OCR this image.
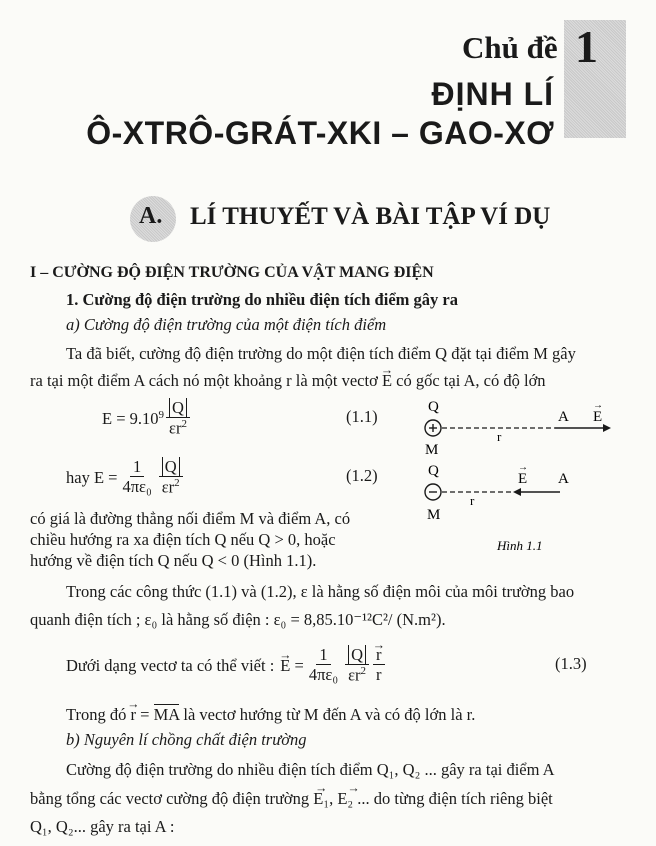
Chủ đề 1
ĐỊNH LÍ
Ô-XTRÔ-GRÁT-XKI – GAO-XƠ
A. LÍ THUYẾT VÀ BÀI TẬP VÍ DỤ
I – CƯỜNG ĐỘ ĐIỆN TRƯỜNG CỦA VẬT MANG ĐIỆN
1. Cường độ điện trường do nhiều điện tích điểm gây ra
a) Cường độ điện trường của một điện tích điểm
Ta đã biết, cường độ điện trường do một điện tích điểm Q đặt tại điểm M gây
ra tại một điểm A cách nó một khoảng r là một vectơ → E có gốc tại A, có độ lớn
$E = 9.10^9 \frac{Q}{\varepsilon r^2}$	(1.1)
hay $E = \frac{1}{\text{4πε₀}} \frac{Q}{\varepsilon r^2}$	(1.2)
Q
r
A E
→
M
Q
r
E
→
A
M
Hình 1.1
có giá là đường thẳng nối điểm M và điểm A, có
chiều hướng ra xa điện tích Q nếu Q > 0, hoặc
hướng về điện tích Q nếu Q < 0 (Hình 1.1).
Trong các công thức (1.1) và (1.2), ε là hằng số điện môi của môi trường bao
quanh điện tích ; ε₀ là hằng số điện : ε₀ = 8,85.10⁻¹²C²/ (N.m²).
Dưới dạng vectơ ta có thể viết :
→ $E = \frac{1}{\text{4πε₀}} \frac{Q}{\varepsilon r^2}$
→ $\frac{r}{r}$	(1.3)
Trong đó → r = MA là vectơ hướng từ M đến A và có độ lớn là r.
b) Nguyên lí chồng chất điện trường
Cường độ điện trường do nhiều điện tích điểm Q₁, Q₂ ... gây ra tại điểm A
bằng tổng các vectơ cường độ điện trường → E₁, → E₂ ... do từng điện tích riêng biệt
Q₁, Q₂... gây ra tại A :
